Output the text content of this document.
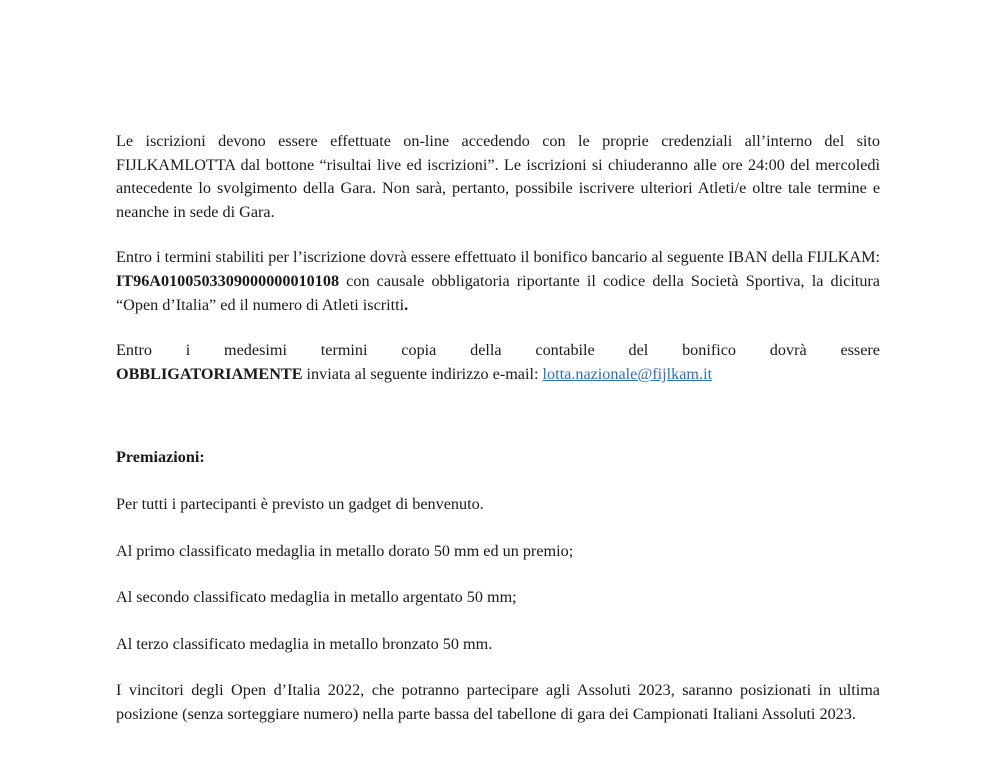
Le iscrizioni devono essere effettuate on-line accedendo con le proprie credenziali all’interno del sito FIJLKAMLOTTA dal bottone “risultai live ed iscrizioni”. Le iscrizioni si chiuderanno alle ore 24:00 del mercoledì antecedente lo svolgimento della Gara. Non sarà, pertanto, possibile iscrivere ulteriori Atleti/e oltre tale termine e neanche in sede di Gara.

Entro i termini stabiliti per l’iscrizione dovrà essere effettuato il bonifico bancario al seguente IBAN della FIJLKAM: IT96A0100503309000000010108 con causale obbligatoria riportante il codice della Società Sportiva, la dicitura “Open d’Italia” ed il numero di Atleti iscritti.

Entro i medesimi termini copia della contabile del bonifico dovrà essere

OBBLIGATORIAMENTE inviata al seguente indirizzo e-mail: lotta.nazionale@fijlkam.it

Premiazioni:

Per tutti i partecipanti è previsto un gadget di benvenuto.

Al primo classificato medaglia in metallo dorato 50 mm ed un premio;

Al secondo classificato medaglia in metallo argentato 50 mm;

Al terzo classificato medaglia in metallo bronzato 50 mm.

I vincitori degli Open d’Italia 2022, che potranno partecipare agli Assoluti 2023, saranno posizionati in ultima posizione (senza sorteggiare numero) nella parte bassa del tabellone di gara dei Campionati Italiani Assoluti 2023.
